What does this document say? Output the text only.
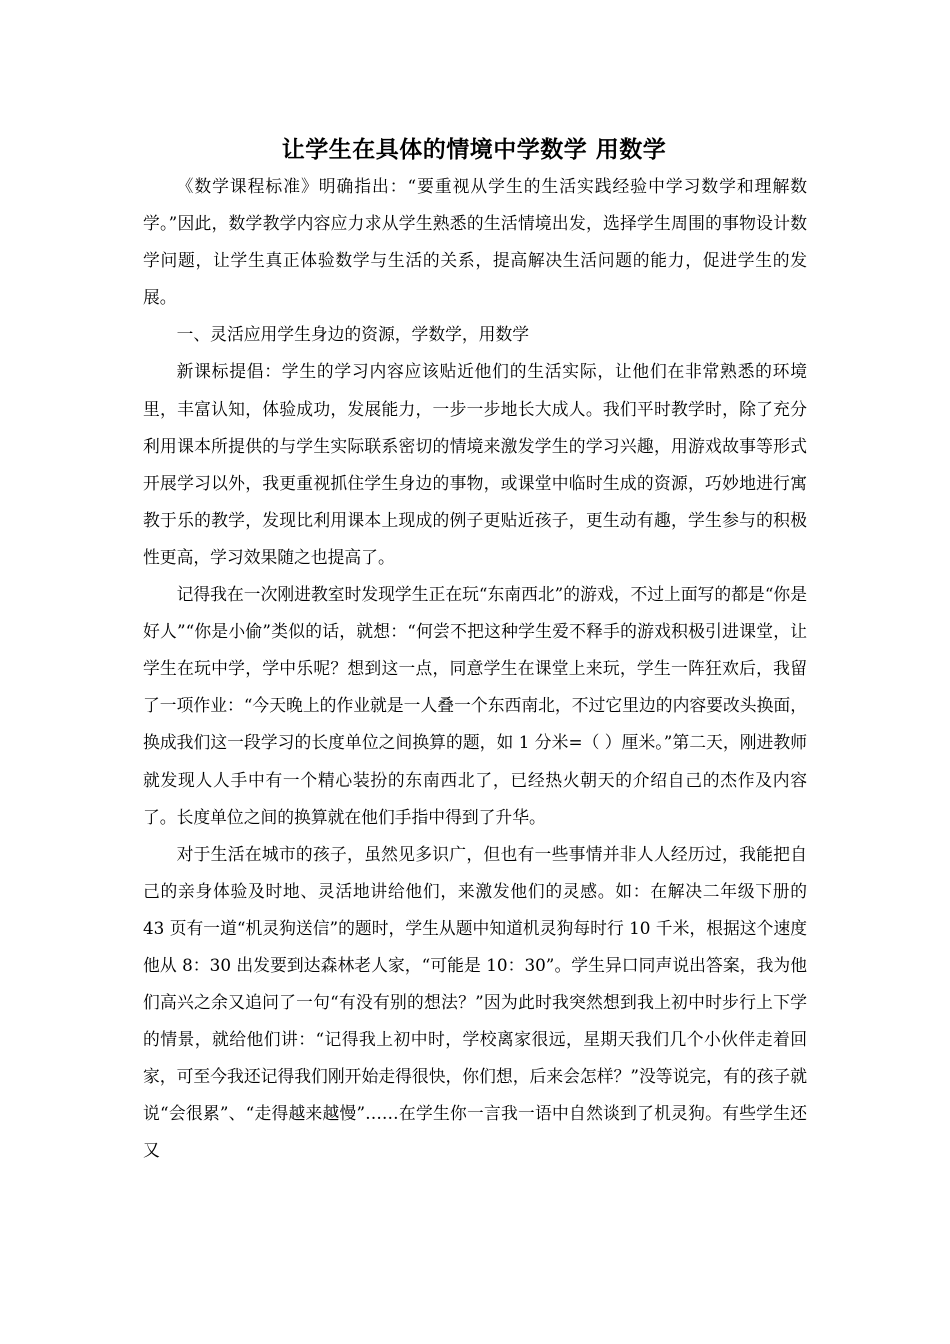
让学生在具体的情境中学数学 用数学

《数学课程标准》明确指出：“要重视从学生的生活实践经验中学习数学和理解数学。”因此，数学教学内容应力求从学生熟悉的生活情境出发，选择学生周围的事物设计数学问题，让学生真正体验数学与生活的关系，提高解决生活问题的能力，促进学生的发展。

一、灵活应用学生身边的资源，学数学，用数学

新课标提倡：学生的学习内容应该贴近他们的生活实际，让他们在非常熟悉的环境里，丰富认知，体验成功，发展能力，一步一步地长大成人。我们平时教学时，除了充分利用课本所提供的与学生实际联系密切的情境来激发学生的学习兴趣，用游戏故事等形式开展学习以外，我更重视抓住学生身边的事物，或课堂中临时生成的资源，巧妙地进行寓教于乐的教学，发现比利用课本上现成的例子更贴近孩子，更生动有趣，学生参与的积极性更高，学习效果随之也提高了。

记得我在一次刚进教室时发现学生正在玩“东南西北”的游戏，不过上面写的都是“你是好人”“你是小偷”类似的话，就想：“何尝不把这种学生爱不释手的游戏积极引进课堂，让学生在玩中学，学中乐呢？想到这一点，同意学生在课堂上来玩，学生一阵狂欢后，我留了一项作业：“今天晚上的作业就是一人叠一个东西南北，不过它里边的内容要改头换面，换成我们这一段学习的长度单位之间换算的题，如 1 分米=（ ）厘米。”第二天，刚进教师就发现人人手中有一个精心装扮的东南西北了，已经热火朝天的介绍自己的杰作及内容了。长度单位之间的换算就在他们手指中得到了升华。

对于生活在城市的孩子，虽然见多识广，但也有一些事情并非人人经历过，我能把自己的亲身体验及时地、灵活地讲给他们，来激发他们的灵感。如：在解决二年级下册的 43 页有一道“机灵狗送信”的题时，学生从题中知道机灵狗每时行 10 千米，根据这个速度他从 8：30 出发要到达森林老人家，“可能是 10：30”。学生异口同声说出答案，我为他们高兴之余又追问了一句“有没有别的想法？”因为此时我突然想到我上初中时步行上下学的情景，就给他们讲：“记得我上初中时，学校离家很远，星期天我们几个小伙伴走着回家，可至今我还记得我们刚开始走得很快，你们想，后来会怎样？”没等说完，有的孩子就说“会很累”、“走得越来越慢”……在学生你一言我一语中自然谈到了机灵狗。有些学生还又
